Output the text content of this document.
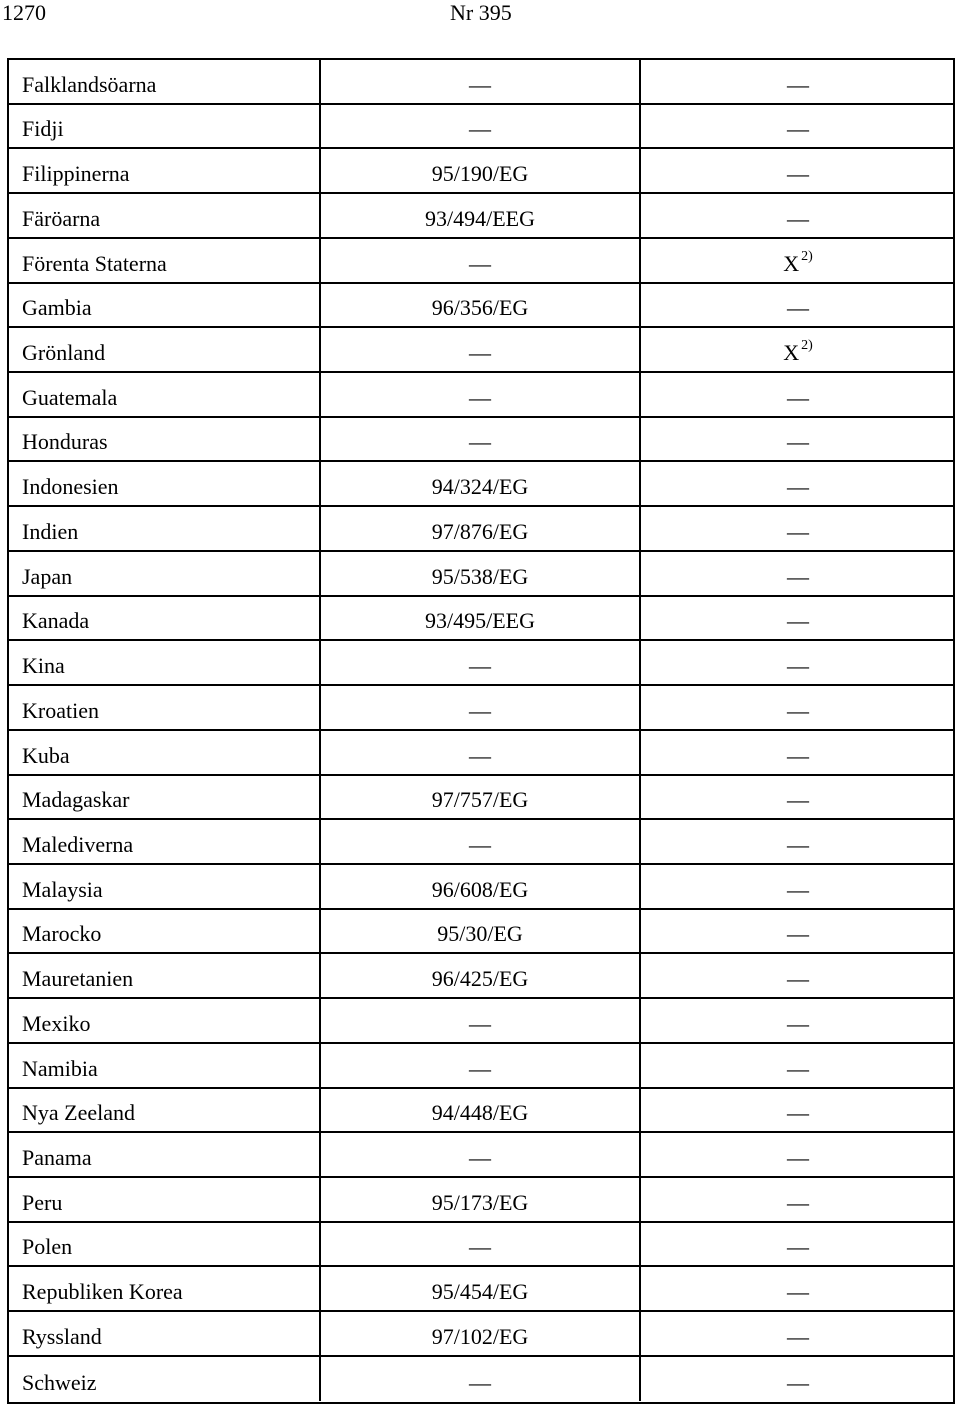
1270	Nr 395
Falklandsöarna	—	—
Fidji	—	—
Filippinerna	95/190/EG	—
Färöarna	93/494/EEG	—
Förenta Staterna	—	X $^{2)}$
Gambia	96/356/EG	—
Grönland	—	X $^{2)}$
Guatemala	—	—
Honduras	—	—
Indonesien	94/324/EG	—
Indien	97/876/EG	—
Japan	95/538/EG	—
Kanada	93/495/EEG	—
Kina	—	—
Kroatien	—	—
Kuba	—	—
Madagaskar	97/757/EG	—
Malediverna	—	—
Malaysia	96/608/EG	—
Marocko	95/30/EG	—
Mauretanien	96/425/EG	—
Mexiko	—	—
Namibia	—	—
Nya Zeeland	94/448/EG	—
Panama	—	—
Peru	95/173/EG	—
Polen	—	—
Republiken Korea	95/454/EG	—
Ryssland	97/102/EG	—
Schweiz	—	—
